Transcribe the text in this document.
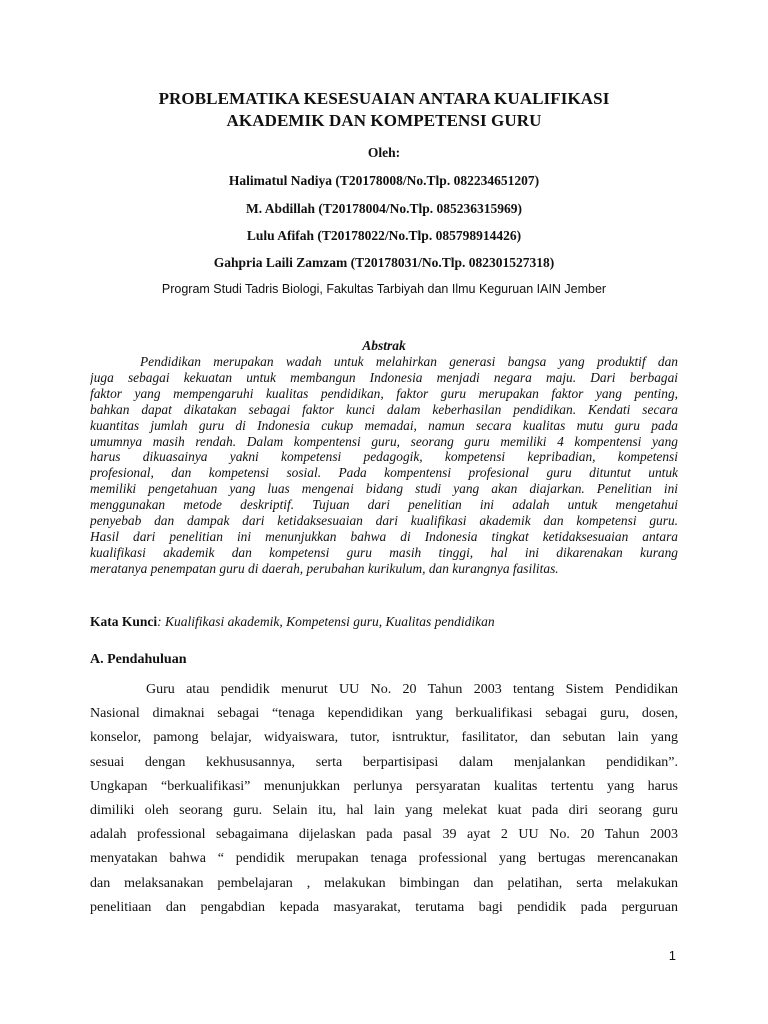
PROBLEMATIKA KESESUAIAN ANTARA KUALIFIKASI
AKADEMIK DAN KOMPETENSI GURU
Oleh:
Halimatul Nadiya (T20178008/No.Tlp. 082234651207)
M. Abdillah (T20178004/No.Tlp. 085236315969)
Lulu Afifah (T20178022/No.Tlp. 085798914426)
Gahpria Laili Zamzam (T20178031/No.Tlp. 082301527318)
Program Studi Tadris Biologi, Fakultas Tarbiyah dan Ilmu Keguruan IAIN Jember
Abstrak
Pendidikan merupakan wadah untuk melahirkan generasi bangsa yang produktif dan
juga sebagai kekuatan untuk membangun Indonesia menjadi negara maju. Dari berbagai
faktor yang mempengaruhi kualitas pendidikan, faktor guru merupakan faktor yang penting,
bahkan dapat dikatakan sebagai faktor kunci dalam keberhasilan pendidikan. Kendati secara
kuantitas jumlah guru di Indonesia cukup memadai, namun secara kualitas mutu guru pada
umumnya masih rendah. Dalam kompentensi guru, seorang guru memiliki 4 kompentensi yang
harus dikuasainya yakni kompetensi pedagogik, kompetensi kepribadian, kompetensi
profesional, dan kompetensi sosial. Pada kompentensi profesional guru dituntut untuk
memiliki pengetahuan yang luas mengenai bidang studi yang akan diajarkan. Penelitian ini
menggunakan metode deskriptif. Tujuan dari penelitian ini adalah untuk mengetahui
penyebab dan dampak dari ketidaksesuaian dari kualifikasi akademik dan kompetensi guru.
Hasil dari penelitian ini menunjukkan bahwa di Indonesia tingkat ketidaksesuaian antara
kualifikasi akademik dan kompetensi guru masih tinggi, hal ini dikarenakan kurang
meratanya penempatan guru di daerah, perubahan kurikulum, dan kurangnya fasilitas.
Kata Kunci: Kualifikasi akademik, Kompetensi guru, Kualitas pendidikan
A. Pendahuluan
Guru atau pendidik menurut UU No. 20 Tahun 2003 tentang Sistem Pendidikan
Nasional dimaknai sebagai “tenaga kependidikan yang berkualifikasi sebagai guru, dosen,
konselor, pamong belajar, widyaiswara, tutor, isntruktur, fasilitator, dan sebutan lain yang
sesuai dengan kekhususannya, serta berpartisipasi dalam menjalankan pendidikan”.
Ungkapan “berkualifikasi” menunjukkan perlunya persyaratan kualitas tertentu yang harus
dimiliki oleh seorang guru. Selain itu, hal lain yang melekat kuat pada diri seorang guru
adalah professional sebagaimana dijelaskan pada pasal 39 ayat 2 UU No. 20 Tahun 2003
menyatakan bahwa “ pendidik merupakan tenaga professional yang bertugas merencanakan
dan melaksanakan pembelajaran , melakukan bimbingan dan pelatihan, serta melakukan
penelitiaan dan pengabdian kepada masyarakat, terutama bagi pendidik pada perguruan
1
